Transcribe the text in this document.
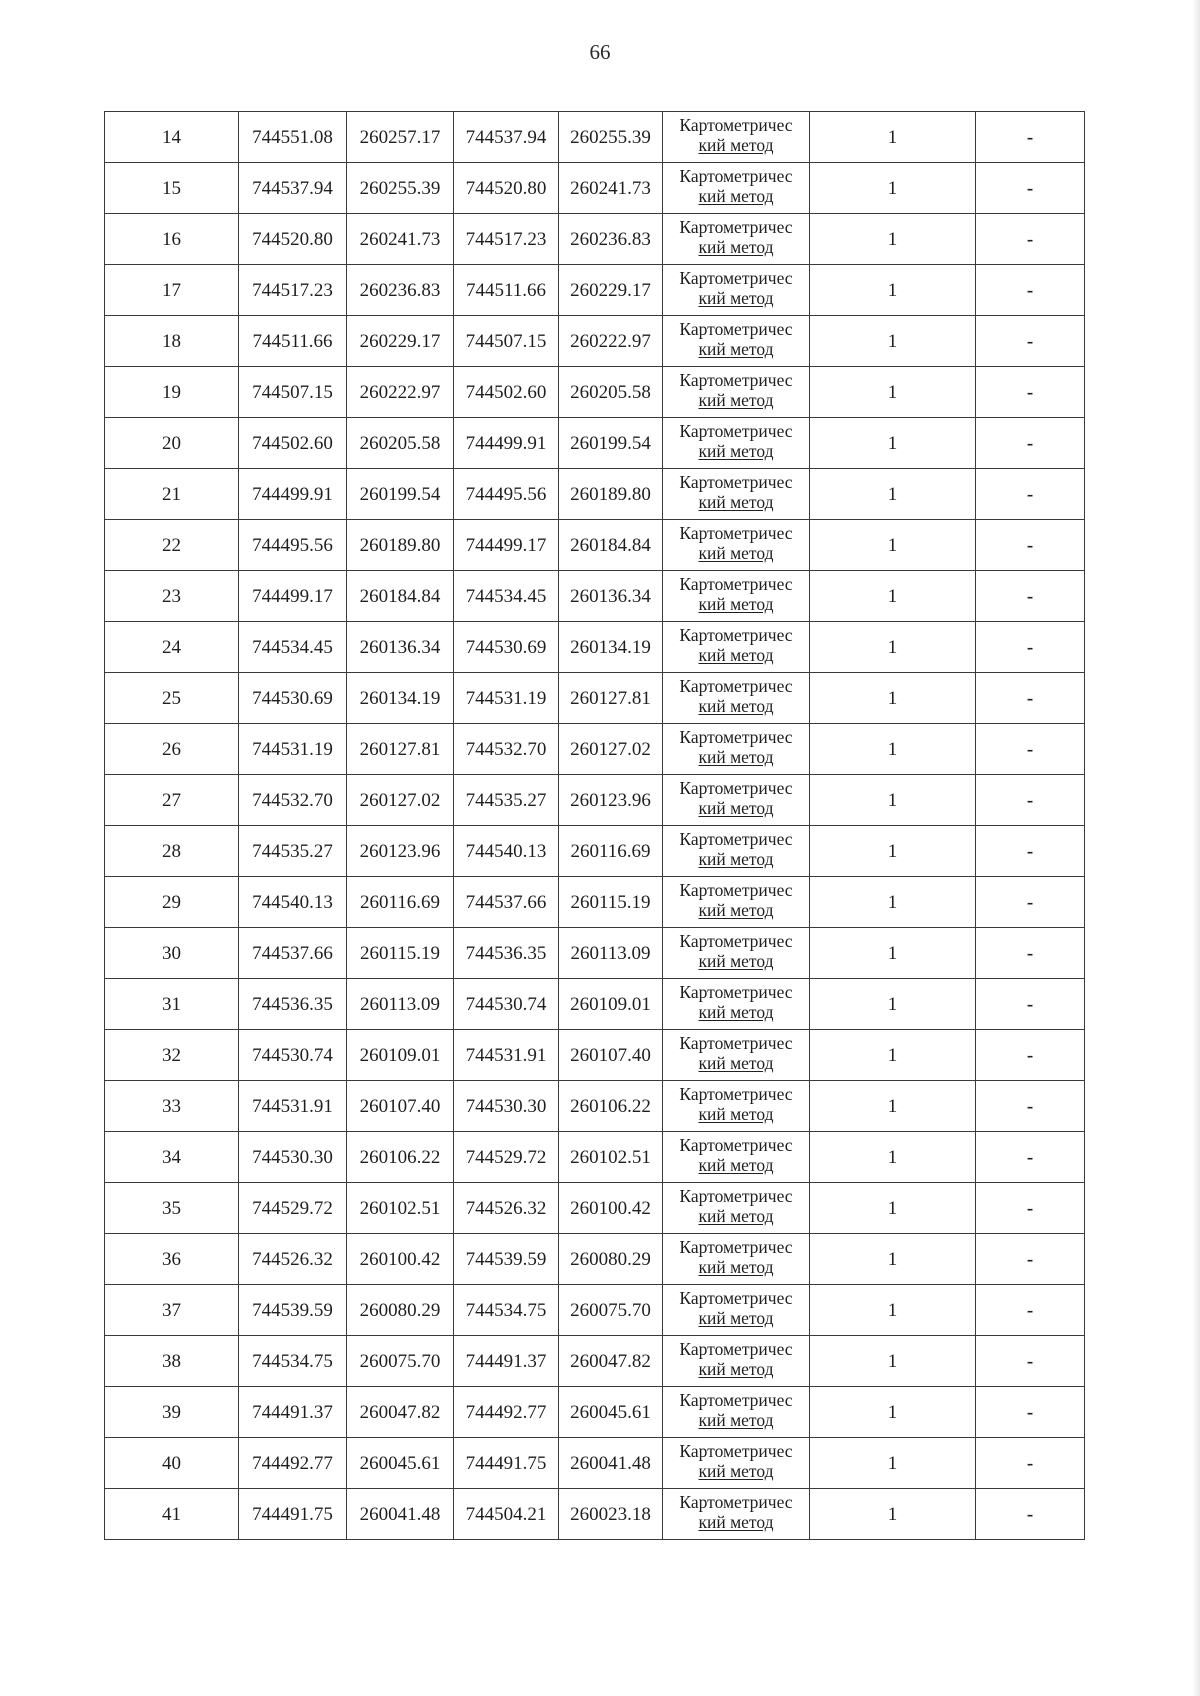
66
14	744551.08	260257.17	744537.94	260255.39	Картометричес
кий метод	1	-
15	744537.94	260255.39	744520.80	260241.73	Картометричес
кий метод	1	-
16	744520.80	260241.73	744517.23	260236.83	Картометричес
кий метод	1	-
17	744517.23	260236.83	744511.66	260229.17	Картометричес
кий метод	1	-
18	744511.66	260229.17	744507.15	260222.97	Картометричес
кий метод	1	-
19	744507.15	260222.97	744502.60	260205.58	Картометричес
кий метод	1	-
20	744502.60	260205.58	744499.91	260199.54	Картометричес
кий метод	1	-
21	744499.91	260199.54	744495.56	260189.80	Картометричес
кий метод	1	-
22	744495.56	260189.80	744499.17	260184.84	Картометричес
кий метод	1	-
23	744499.17	260184.84	744534.45	260136.34	Картометричес
кий метод	1	-
24	744534.45	260136.34	744530.69	260134.19	Картометричес
кий метод	1	-
25	744530.69	260134.19	744531.19	260127.81	Картометричес
кий метод	1	-
26	744531.19	260127.81	744532.70	260127.02	Картометричес
кий метод	1	-
27	744532.70	260127.02	744535.27	260123.96	Картометричес
кий метод	1	-
28	744535.27	260123.96	744540.13	260116.69	Картометричес
кий метод	1	-
29	744540.13	260116.69	744537.66	260115.19	Картометричес
кий метод	1	-
30	744537.66	260115.19	744536.35	260113.09	Картометричес
кий метод	1	-
31	744536.35	260113.09	744530.74	260109.01	Картометричес
кий метод	1	-
32	744530.74	260109.01	744531.91	260107.40	Картометричес
кий метод	1	-
33	744531.91	260107.40	744530.30	260106.22	Картометричес
кий метод	1	-
34	744530.30	260106.22	744529.72	260102.51	Картометричес
кий метод	1	-
35	744529.72	260102.51	744526.32	260100.42	Картометричес
кий метод	1	-
36	744526.32	260100.42	744539.59	260080.29	Картометричес
кий метод	1	-
37	744539.59	260080.29	744534.75	260075.70	Картометричес
кий метод	1	-
38	744534.75	260075.70	744491.37	260047.82	Картометричес
кий метод	1	-
39	744491.37	260047.82	744492.77	260045.61	Картометричес
кий метод	1	-
40	744492.77	260045.61	744491.75	260041.48	Картометричес
кий метод	1	-
41	744491.75	260041.48	744504.21	260023.18	Картометричес
кий метод	1	-
